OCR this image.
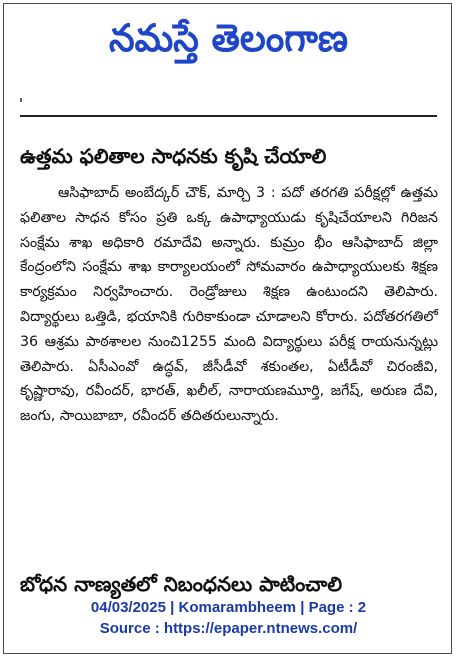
నమస్తే తెలంగాణ
ఉత్తమ ఫలితాల సాధనకు కృషి చేయాలి

ఆసిఫాబాద్ అంబేద్కర్ చౌక్, మార్చి 3 : పదో తరగతి పరీక్షల్లో ఉత్తమ ఫలితాల సాధన కోసం ప్రతి ఒక్క ఉపాధ్యాయుడు కృషిచేయాలని గిరిజన సంక్షేమ శాఖ అధికారి రమాదేవి అన్నారు. కుమ్రం భీం ఆసిఫాబాద్ జిల్లా కేంద్రంలోని సంక్షేమ శాఖ కార్యాలయంలో సోమవారం ఉపాధ్యాయులకు శిక్షణ కార్యక్రమం నిర్వహించారు. రెండ్రోజులు శిక్షణ ఉంటుందని తెలిపారు. విద్యార్థులు ఒత్తిడి, భయానికి గురికాకుండా చూడాలని కోరారు. పదోతరగతిలో 36 ఆశ్రమ పాఠశాలల నుంచి1255 మంది విద్యార్థులు పరీక్ష రాయనున్నట్లు తెలిపారు. ఏసీఎంవో ఉద్ధవ్, జీసీడీవో శకుంతల, ఏటీడీవో చిరంజీవి, కృష్ణారావు, రవీందర్, భారత్, ఖలీల్, నారాయణమూర్తి, జగేష్, అరుణ దేవి, జంగు, సాయిబాబా, రవీందర్ తదితరులున్నారు.

బోధన నాణ్యతలో నిబంధనలు పాటించాలి
04/03/2025 | Komarambheem | Page : 2
Source : https://epaper.ntnews.com/
